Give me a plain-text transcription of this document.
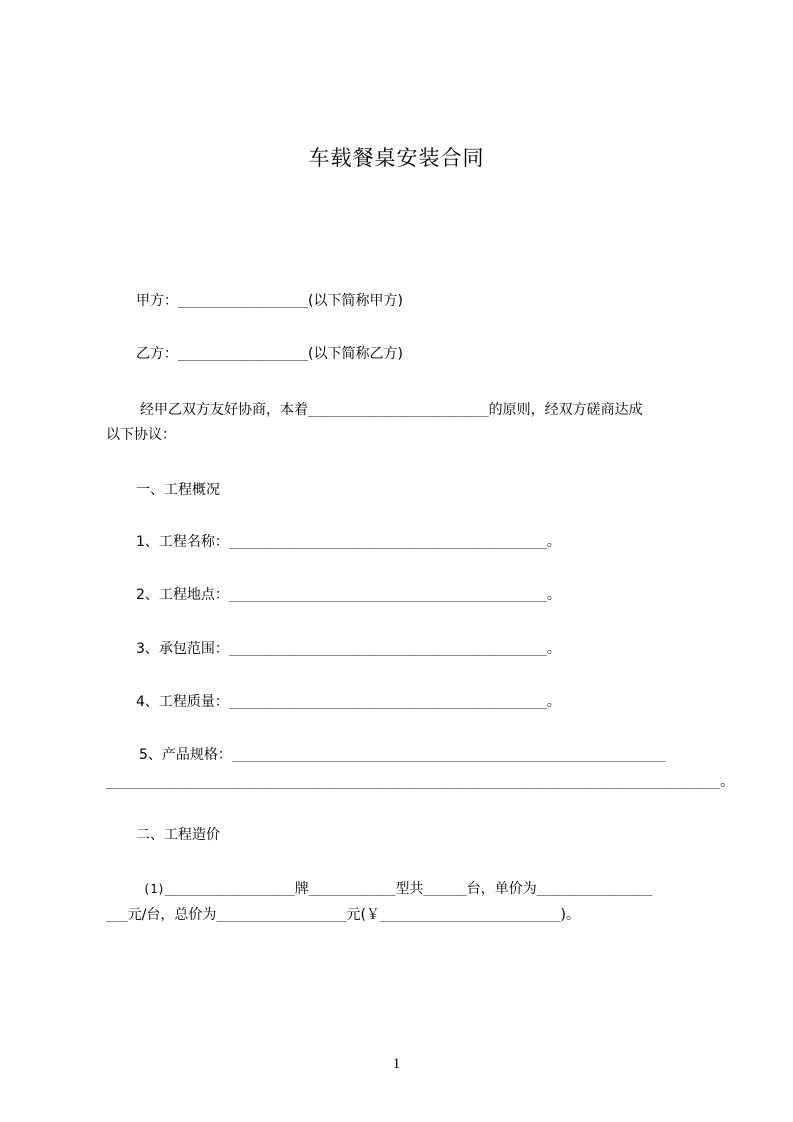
车载餐桌安装合同
甲方：__________________(以下简称甲方)
乙方：__________________(以下简称乙方)
经甲乙双方友好协商，本着_________________________的原则，经双方磋商达成
以下协议：
一、工程概况
1、工程名称：____________________________________________。
2、工程地点：____________________________________________。
3、承包范围：____________________________________________。
4、工程质量：____________________________________________。
5、产品规格：____________________________________________________________
_____________________________________________________________________________________。
二、工程造价
(1)__________________牌____________型共______台，单价为________________
___元/台，总价为__________________元(￥_________________________)。
1
